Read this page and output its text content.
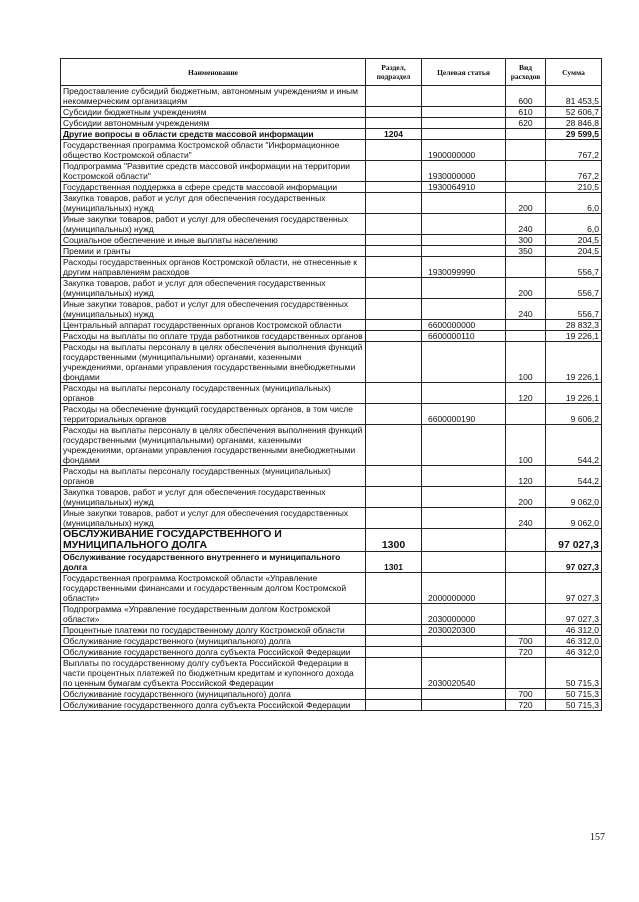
Наименование	Раздел, подраздел	Целевая статья	Вид расходов	Сумма
Предоставление субсидий бюджетным, автономным учреждениям и иным некоммерческим организациям			600	81 453,5
Субсидии бюджетным учреждениям			610	52 606,7
Субсидии автономным учреждениям			620	28 846,8
Другие вопросы в области средств массовой информации	1204			29 599,5
Государственная программа Костромской области "Информационное общество Костромской области"		1900000000		767,2
Подпрограмма "Развитие средств массовой информации на территории Костромской области"		1930000000		767,2
Государственная поддержка в сфере средств массовой информации		1930064910		210,5
Закупка товаров, работ и услуг для обеспечения государственных (муниципальных) нужд			200	6,0
Иные закупки товаров, работ и услуг для обеспечения государственных (муниципальных) нужд			240	6,0
Социальное обеспечение и иные выплаты населению			300	204,5
Премии и гранты			350	204,5
Расходы государственных органов Костромской области, не отнесенные к другим направлениям расходов		1930099990		556,7
Закупка товаров, работ и услуг для обеспечения государственных (муниципальных) нужд			200	556,7
Иные закупки товаров, работ и услуг для обеспечения государственных (муниципальных) нужд			240	556,7
Центральный аппарат государственных органов Костромской области		6600000000		28 832,3
Расходы на выплаты по оплате труда работников государственных органов		6600000110		19 226,1
Расходы на выплаты персоналу в целях обеспечения выполнения функций государственными (муниципальными) органами, казенными учреждениями, органами управления государственными внебюджетными фондами			100	19 226,1
Расходы на выплаты персоналу государственных (муниципальных) органов			120	19 226,1
Расходы на обеспечение функций государственных органов, в том числе территориальных органов		6600000190		9 606,2
Расходы на выплаты персоналу в целях обеспечения выполнения функций государственными (муниципальными) органами, казенными учреждениями, органами управления государственными внебюджетными фондами			100	544,2
Расходы на выплаты персоналу государственных (муниципальных) органов			120	544,2
Закупка товаров, работ и услуг для обеспечения государственных (муниципальных) нужд			200	9 062,0
Иные закупки товаров, работ и услуг для обеспечения государственных (муниципальных) нужд			240	9 062,0
ОБСЛУЖИВАНИЕ ГОСУДАРСТВЕННОГО И МУНИЦИПАЛЬНОГО ДОЛГА	1300			97 027,3
Обслуживание государственного внутреннего и муниципального долга	1301			97 027,3
Государственная программа Костромской области «Управление государственными финансами и государственным долгом Костромской области»		2000000000		97 027,3
Подпрограмма «Управление государственным долгом Костромской области»		2030000000		97 027,3
Процентные платежи по государственному долгу Костромской области		2030020300		46 312,0
Обслуживание государственного (муниципального) долга			700	46 312,0
Обслуживание государственного долга субъекта Российской Федерации			720	46 312,0
Выплаты по государственному долгу субъекта Российской Федерации в части процентных платежей по бюджетным кредитам и купонного дохода по ценным бумагам субъекта Российской Федерации		2030020540		50 715,3
Обслуживание государственного (муниципального) долга			700	50 715,3
Обслуживание государственного долга субъекта Российской Федерации			720	50 715,3
157
